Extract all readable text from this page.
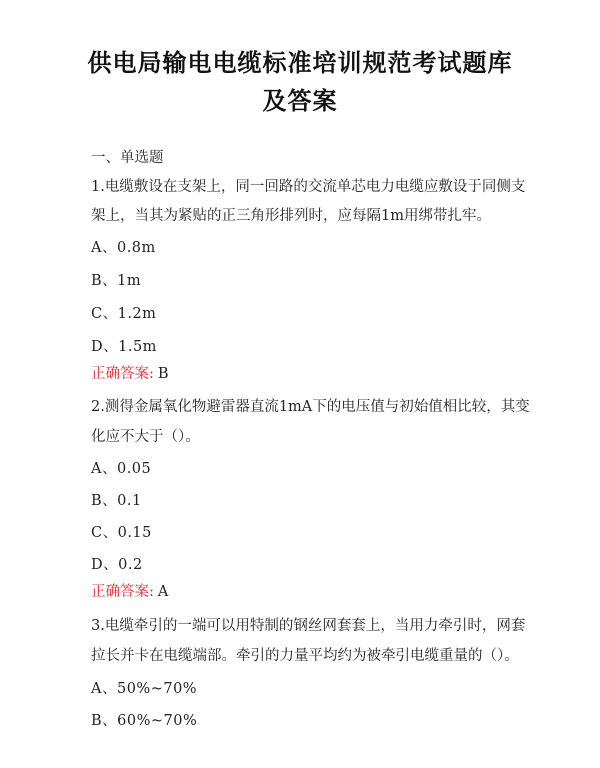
供电局输电电缆标准培训规范考试题库
及答案
一、单选题
1.电缆敷设在支架上，同一回路的交流单芯电力电缆应敷设于同侧支
架上，当其为紧贴的正三角形排列时，应每隔1m用绑带扎牢。
A、0.8m
B、1m
C、1.2m
D、1.5m
正确答案: B
2.测得金属氧化物避雷器直流1mA下的电压值与初始值相比较，其变
化应不大于（）。
A、0.05
B、0.1
C、0.15
D、0.2
正确答案: A
3.电缆牵引的一端可以用特制的钢丝网套套上，当用力牵引时，网套
拉长并卡在电缆端部。牵引的力量平均约为被牵引电缆重量的（）。
A、50%~70%
B、60%~70%
